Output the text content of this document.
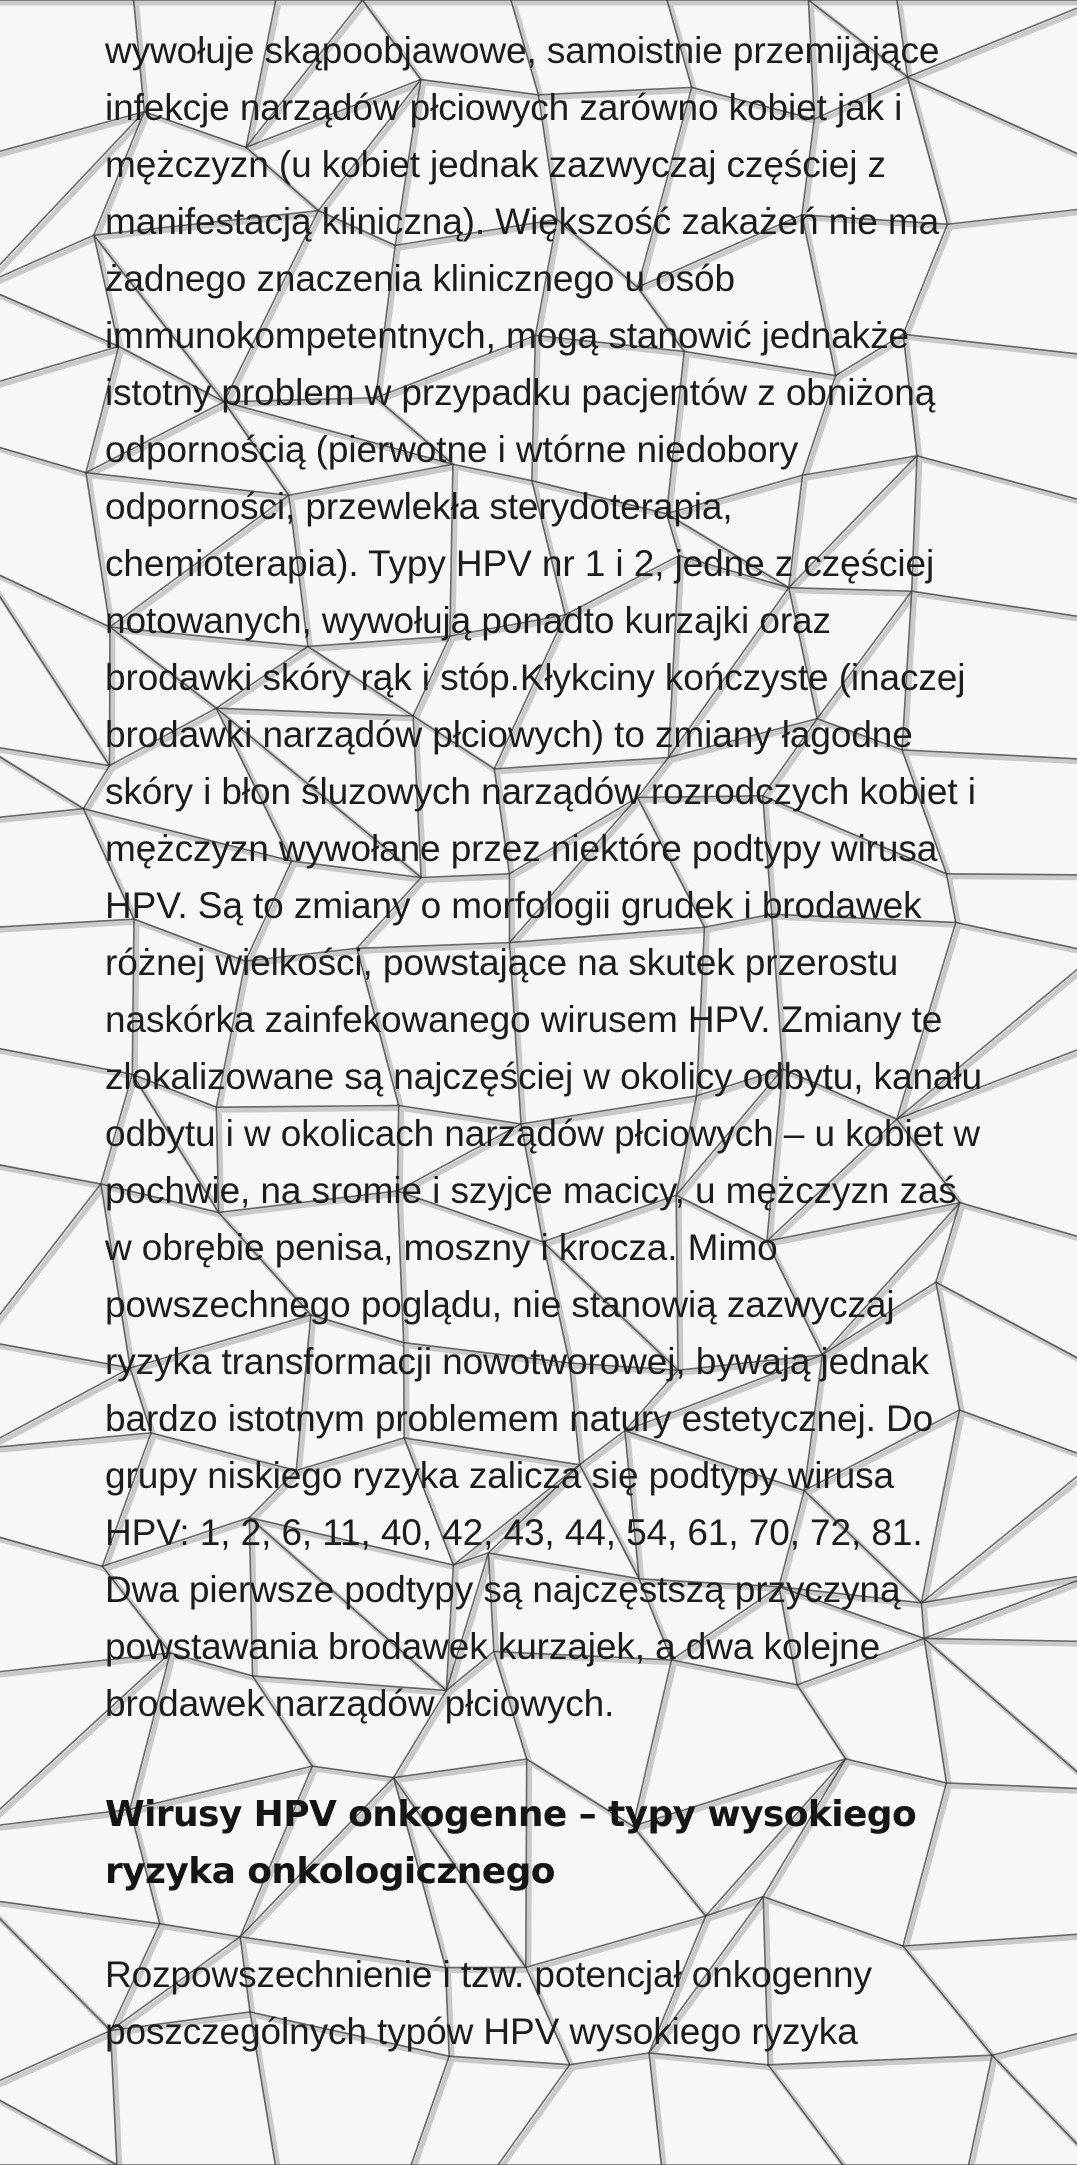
wywołuje skąpoobjawowe, samoistnie przemijające infekcje narządów płciowych zarówno kobiet jak i mężczyzn (u kobiet jednak zazwyczaj częściej z manifestacją kliniczną). Większość zakażeń nie ma żadnego znaczenia klinicznego u osób immunokompetentnych, mogą stanowić jednakże istotny problem w przypadku pacjentów z obniżoną odpornością (pierwotne i wtórne niedobory odporności, przewlekła sterydoterapia, chemioterapia). Typy HPV nr 1 i 2, jedne z częściej notowanych, wywołują ponadto kurzajki oraz brodawki skóry rąk i stóp.Kłykciny kończyste (inaczej brodawki narządów płciowych) to zmiany łagodne skóry i błon śluzowych narządów rozrodczych kobiet i mężczyzn wywołane przez niektóre podtypy wirusa HPV. Są to zmiany o morfologii grudek i brodawek różnej wielkości, powstające na skutek przerostu naskórka zainfekowanego wirusem HPV. Zmiany te zlokalizowane są najczęściej w okolicy odbytu, kanału odbytu i w okolicach narządów płciowych – u kobiet w pochwie, na sromie i szyjce macicy, u mężczyzn zaś w obrębie penisa, moszny i krocza. Mimo powszechnego poglądu, nie stanowią zazwyczaj ryzyka transformacji nowotworowej, bywają jednak bardzo istotnym problemem natury estetycznej. Do grupy niskiego ryzyka zalicza się podtypy wirusa HPV: 1, 2, 6, 11, 40, 42, 43, 44, 54, 61, 70, 72, 81. Dwa pierwsze podtypy są najczęstszą przyczyną powstawania brodawek kurzajek, a dwa kolejne brodawek narządów płciowych.

Wirusy HPV onkogenne – typy wysokiego ryzyka onkologicznego

Rozpowszechnienie i tzw. potencjał onkogenny poszczególnych typów HPV wysokiego ryzyka
